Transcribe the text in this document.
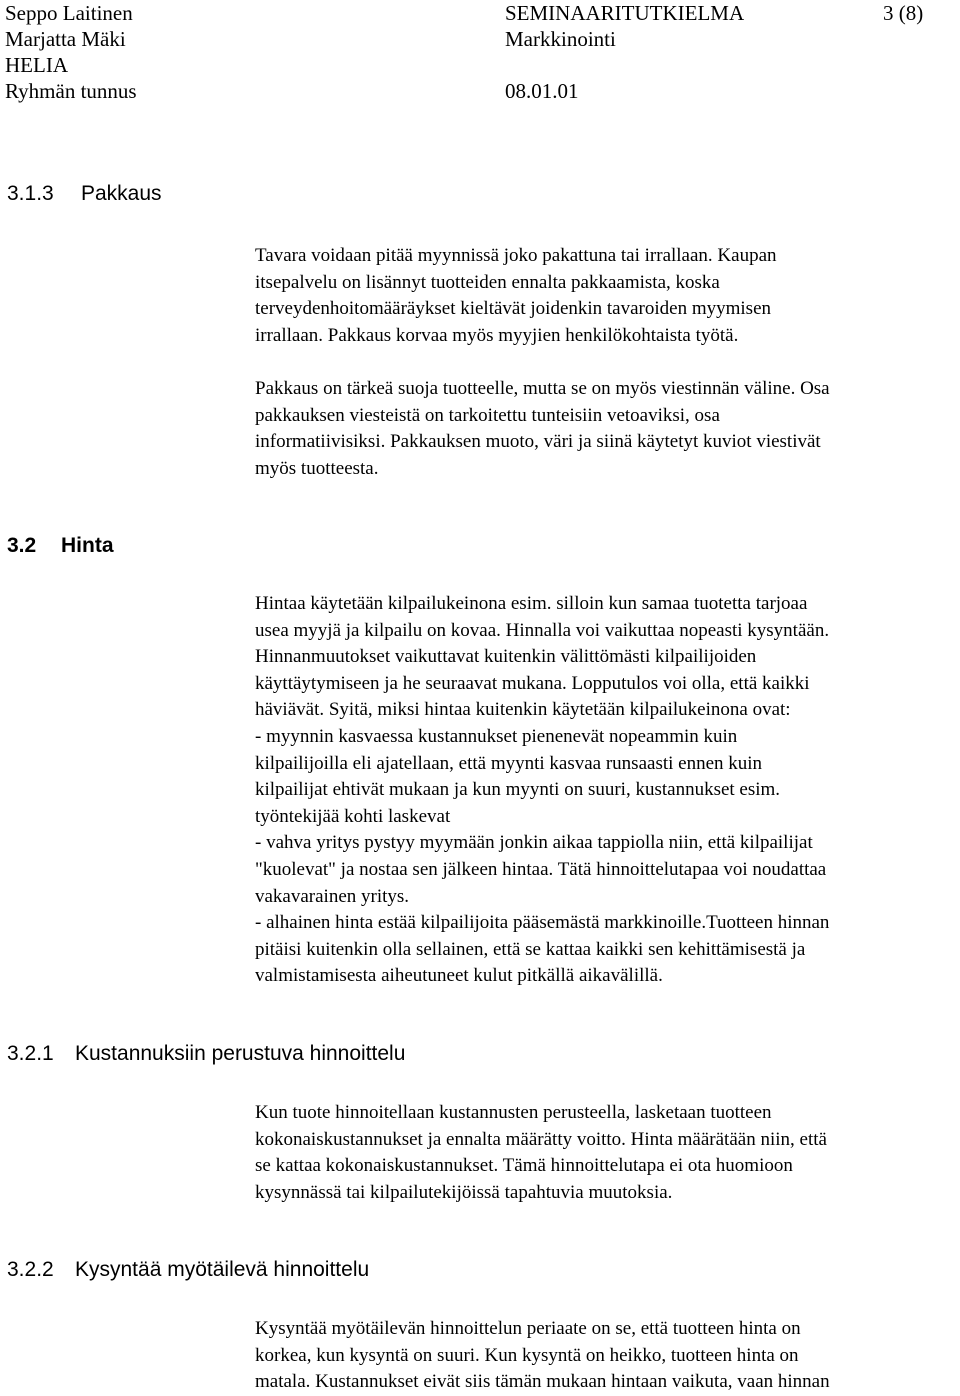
Seppo Laitinen
Marjatta Mäki
HELIA
Ryhmän tunnus
SEMINAARITUTKIELMA
Markkinointi
08.01.01
3 (8)
3.1.3 Pakkaus

Tavara voidaan pitää myynnissä joko pakattuna tai irrallaan. Kaupan
itsepalvelu on lisännyt tuotteiden ennalta pakkaamista, koska
terveydenhoitomääräykset kieltävät joidenkin tavaroiden myymisen
irrallaan. Pakkaus korvaa myös myyjien henkilökohtaista työtä.

Pakkaus on tärkeä suoja tuotteelle, mutta se on myös viestinnän väline. Osa
pakkauksen viesteistä on tarkoitettu tunteisiin vetoaviksi, osa
informatiivisiksi. Pakkauksen muoto, väri ja siinä käytetyt kuviot viestivät
myös tuotteesta.

3.2 Hinta

Hintaa käytetään kilpailukeinona esim. silloin kun samaa tuotetta tarjoaa
usea myyjä ja kilpailu on kovaa. Hinnalla voi vaikuttaa nopeasti kysyntään.
Hinnanmuutokset vaikuttavat kuitenkin välittömästi kilpailijoiden
käyttäytymiseen ja he seuraavat mukana. Lopputulos voi olla, että kaikki
häviävät. Syitä, miksi hintaa kuitenkin käytetään kilpailukeinona ovat:
- myynnin kasvaessa kustannukset pienenevät nopeammin kuin
kilpailijoilla eli ajatellaan, että myynti kasvaa runsaasti ennen kuin
kilpailijat ehtivät mukaan ja kun myynti on suuri, kustannukset esim.
työntekijää kohti laskevat
- vahva yritys pystyy myymään jonkin aikaa tappiolla niin, että kilpailijat
"kuolevat" ja nostaa sen jälkeen hintaa. Tätä hinnoittelutapaa voi noudattaa
vakavarainen yritys.
- alhainen hinta estää kilpailijoita pääsemästä markkinoille.Tuotteen hinnan
pitäisi kuitenkin olla sellainen, että se kattaa kaikki sen kehittämisestä ja
valmistamisesta aiheutuneet kulut pitkällä aikavälillä.

3.2.1 Kustannuksiin perustuva hinnoittelu

Kun tuote hinnoitellaan kustannusten perusteella, lasketaan tuotteen
kokonaiskustannukset ja ennalta määrätty voitto. Hinta määrätään niin, että
se kattaa kokonaiskustannukset. Tämä hinnoittelutapa ei ota huomioon
kysynnässä tai kilpailutekijöissä tapahtuvia muutoksia.

3.2.2 Kysyntää myötäilevä hinnoittelu

Kysyntää myötäilevän hinnoittelun periaate on se, että tuotteen hinta on
korkea, kun kysyntä on suuri. Kun kysyntä on heikko, tuotteen hinta on
matala. Kustannukset eivät siis tämän mukaan hintaan vaikuta, vaan hinnan
